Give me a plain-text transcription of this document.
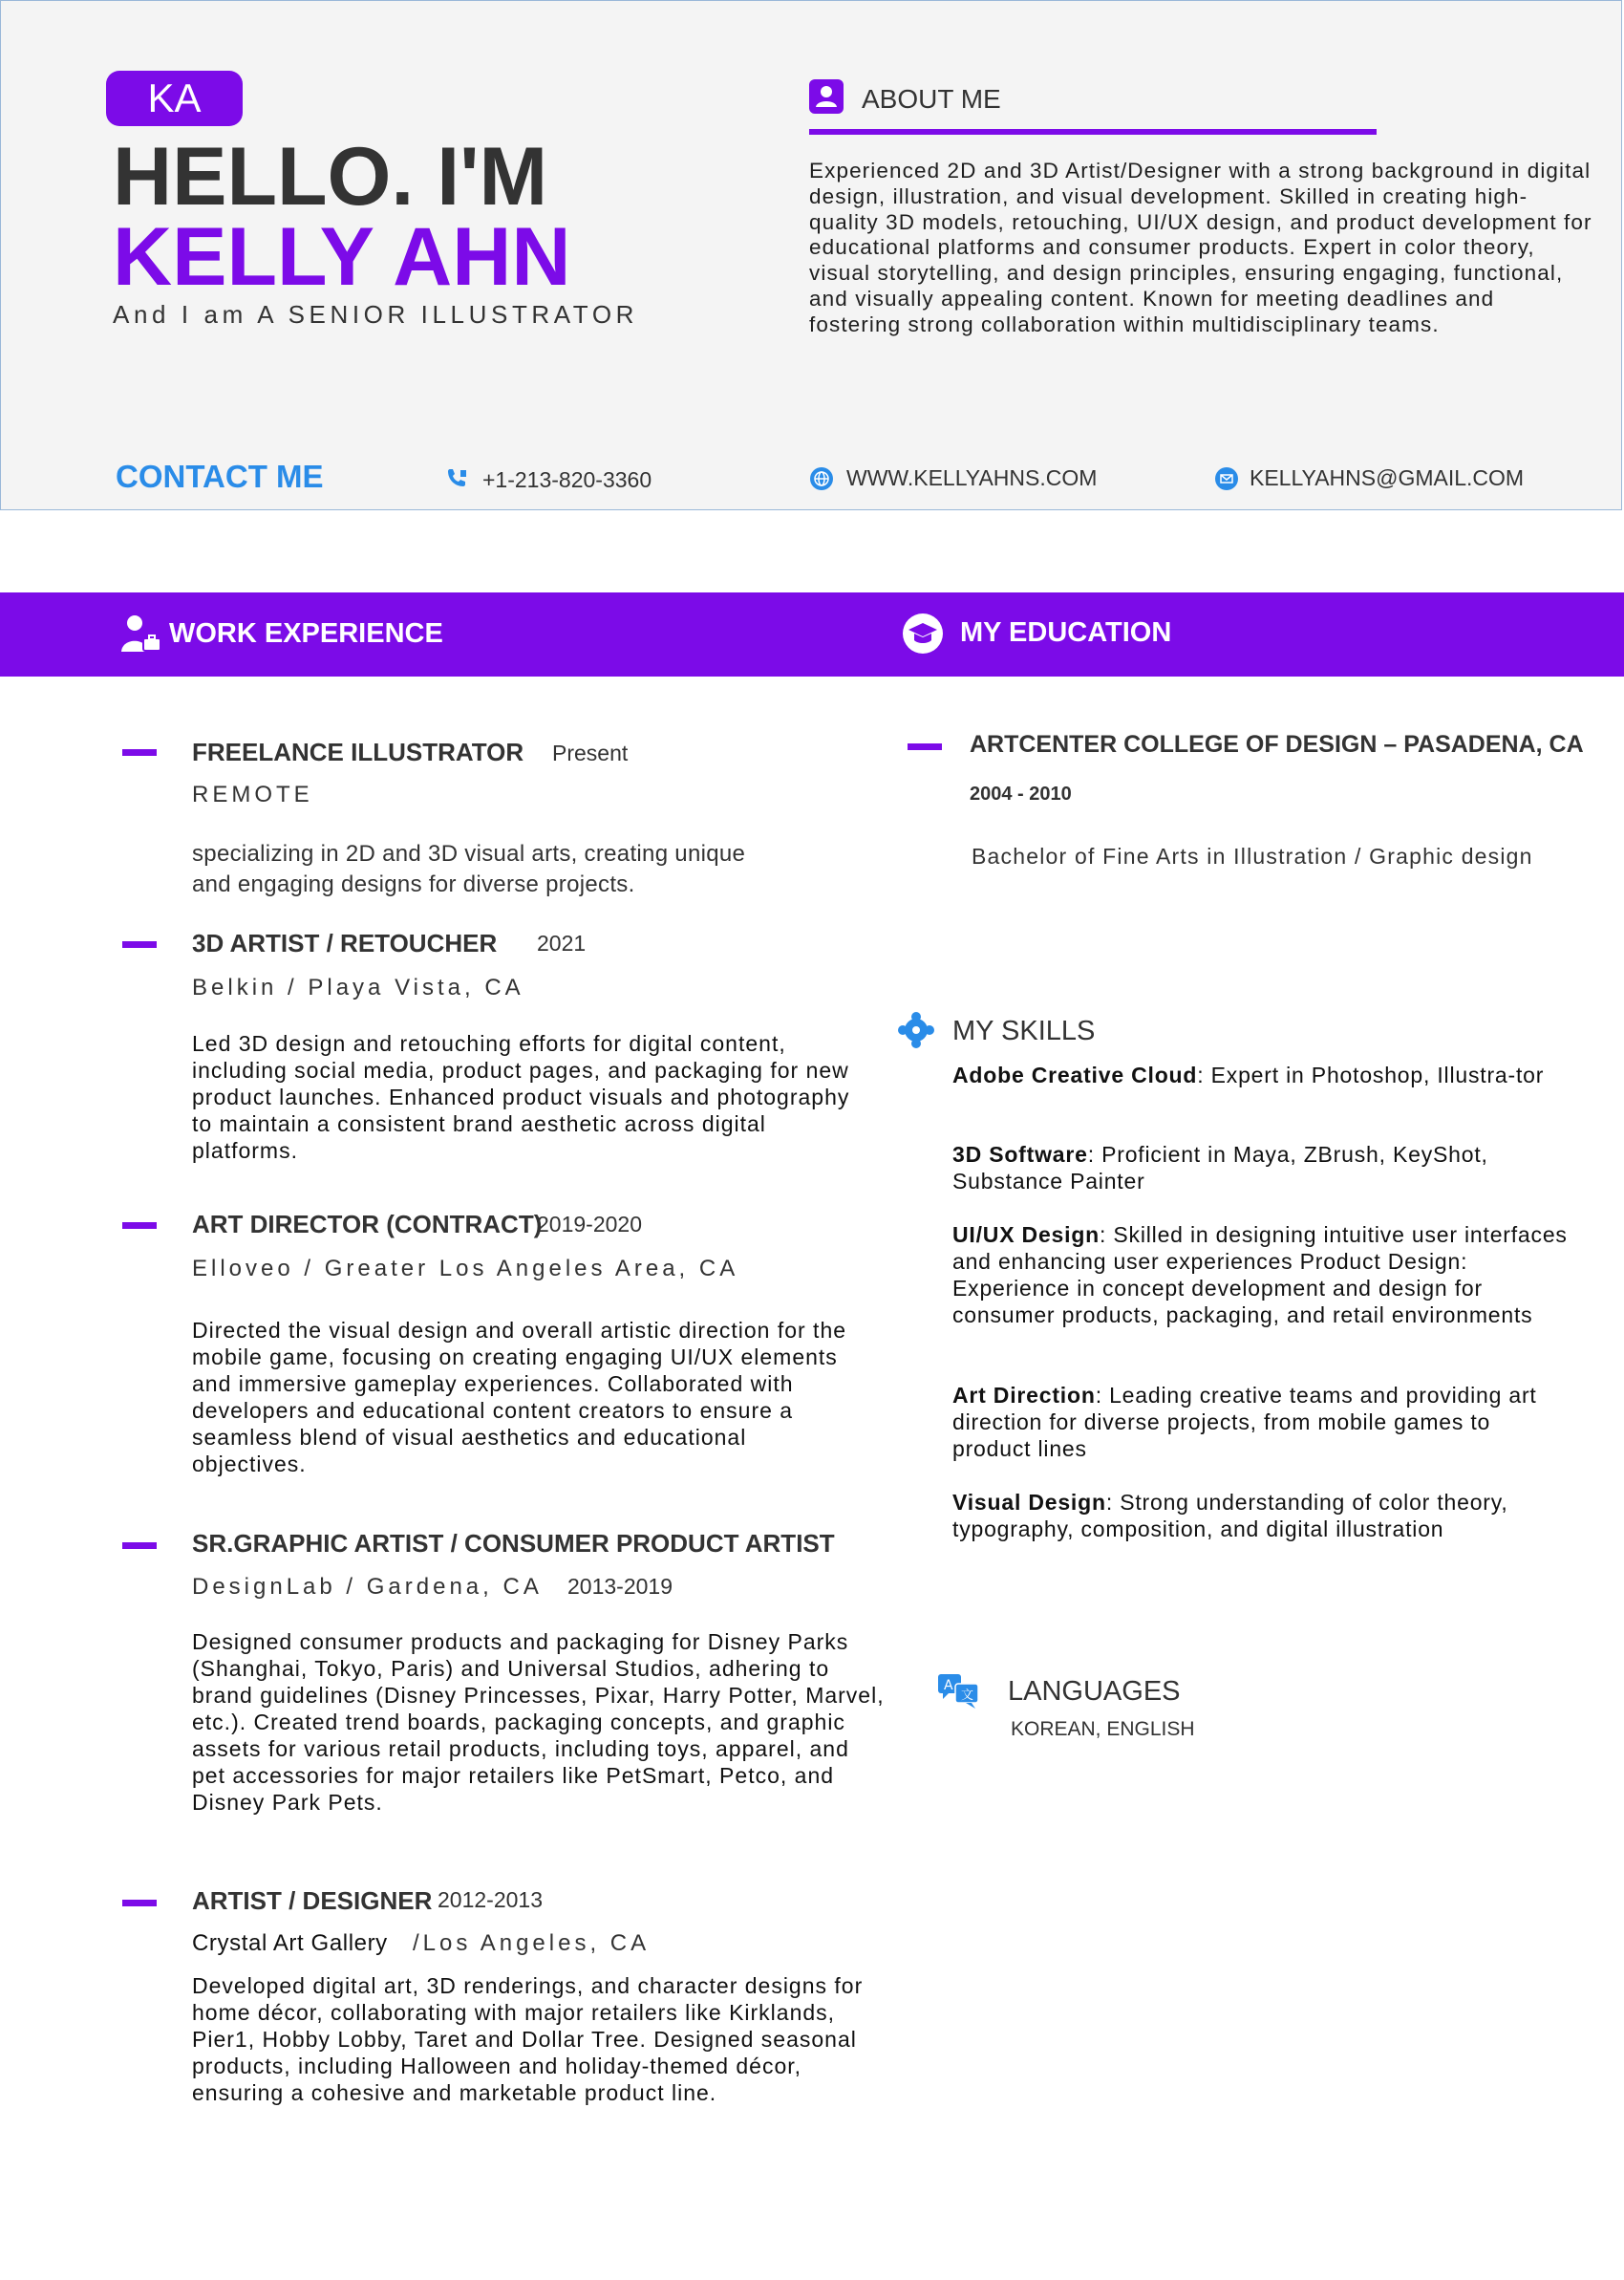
KA
HELLO. I'M
KELLY AHN
And I am A SENIOR ILLUSTRATOR
ABOUT ME
Experienced 2D and 3D Artist/Designer with a strong background in digital design, illustration, and visual development. Skilled in creating high-quality 3D models, retouching, UI/UX design, and product development for educational platforms and consumer products. Expert in color theory, visual storytelling, and design principles, ensuring engaging, functional, and visually appealing content. Known for meeting deadlines and fostering strong collaboration within multidisciplinary teams.
CONTACT ME	+1-213-820-3360	WWW.KELLYAHNS.COM	KELLYAHNS@GMAIL.COM
WORK EXPERIENCE	MY EDUCATION
FREELANCE ILLUSTRATOR Present
REMOTE
specializing in 2D and 3D visual arts, creating unique and engaging designs for diverse projects.
3D ARTIST / RETOUCHER 2021
Belkin / Playa Vista, CA
Led 3D design and retouching efforts for digital content, including social media, product pages, and packaging for new product launches. Enhanced product visuals and photography to maintain a consistent brand aesthetic across digital platforms.
ART DIRECTOR (CONTRACT)
2019-2020
Elloveo / Greater Los Angeles Area, CA
Directed the visual design and overall artistic direction for the mobile game, focusing on creating engaging UI/UX elements and immersive gameplay experiences. Collaborated with developers and educational content creators to ensure a seamless blend of visual aesthetics and educational objectives.
SR.GRAPHIC ARTIST / CONSUMER PRODUCT ARTIST
DesignLab / Gardena, CA 2013-2019
Designed consumer products and packaging for Disney Parks (Shanghai, Tokyo, Paris) and Universal Studios, adhering to brand guidelines (Disney Princesses, Pixar, Harry Potter, Marvel, etc.). Created trend boards, packaging concepts, and graphic assets for various retail products, including toys, apparel, and pet accessories for major retailers like PetSmart, Petco, and Disney Park Pets.
ARTIST / DESIGNER 2012-2013
Crystal Art Gallery /Los Angeles, CA
Developed digital art, 3D renderings, and character designs for home décor, collaborating with major retailers like Kirklands, Pier1, Hobby Lobby, Taret and Dollar Tree. Designed seasonal products, including Halloween and holiday-themed décor, ensuring a cohesive and marketable product line.
ARTCENTER COLLEGE OF DESIGN – PASADENA, CA
2004 - 2010
Bachelor of Fine Arts in Illustration / Graphic design
MY SKILLS
Adobe Creative Cloud: Expert in Photoshop, Illustra-tor
3D Software: Proficient in Maya, ZBrush, KeyShot, Substance Painter
UI/UX Design: Skilled in designing intuitive user interfaces and enhancing user experiences Product Design: Experience in concept development and design for consumer products, packaging, and retail environments
Art Direction: Leading creative teams and providing art direction for diverse projects, from mobile games to product lines
Visual Design: Strong understanding of color theory, typography, composition, and digital illustration
A
文 LANGUAGES
KOREAN, ENGLISH
